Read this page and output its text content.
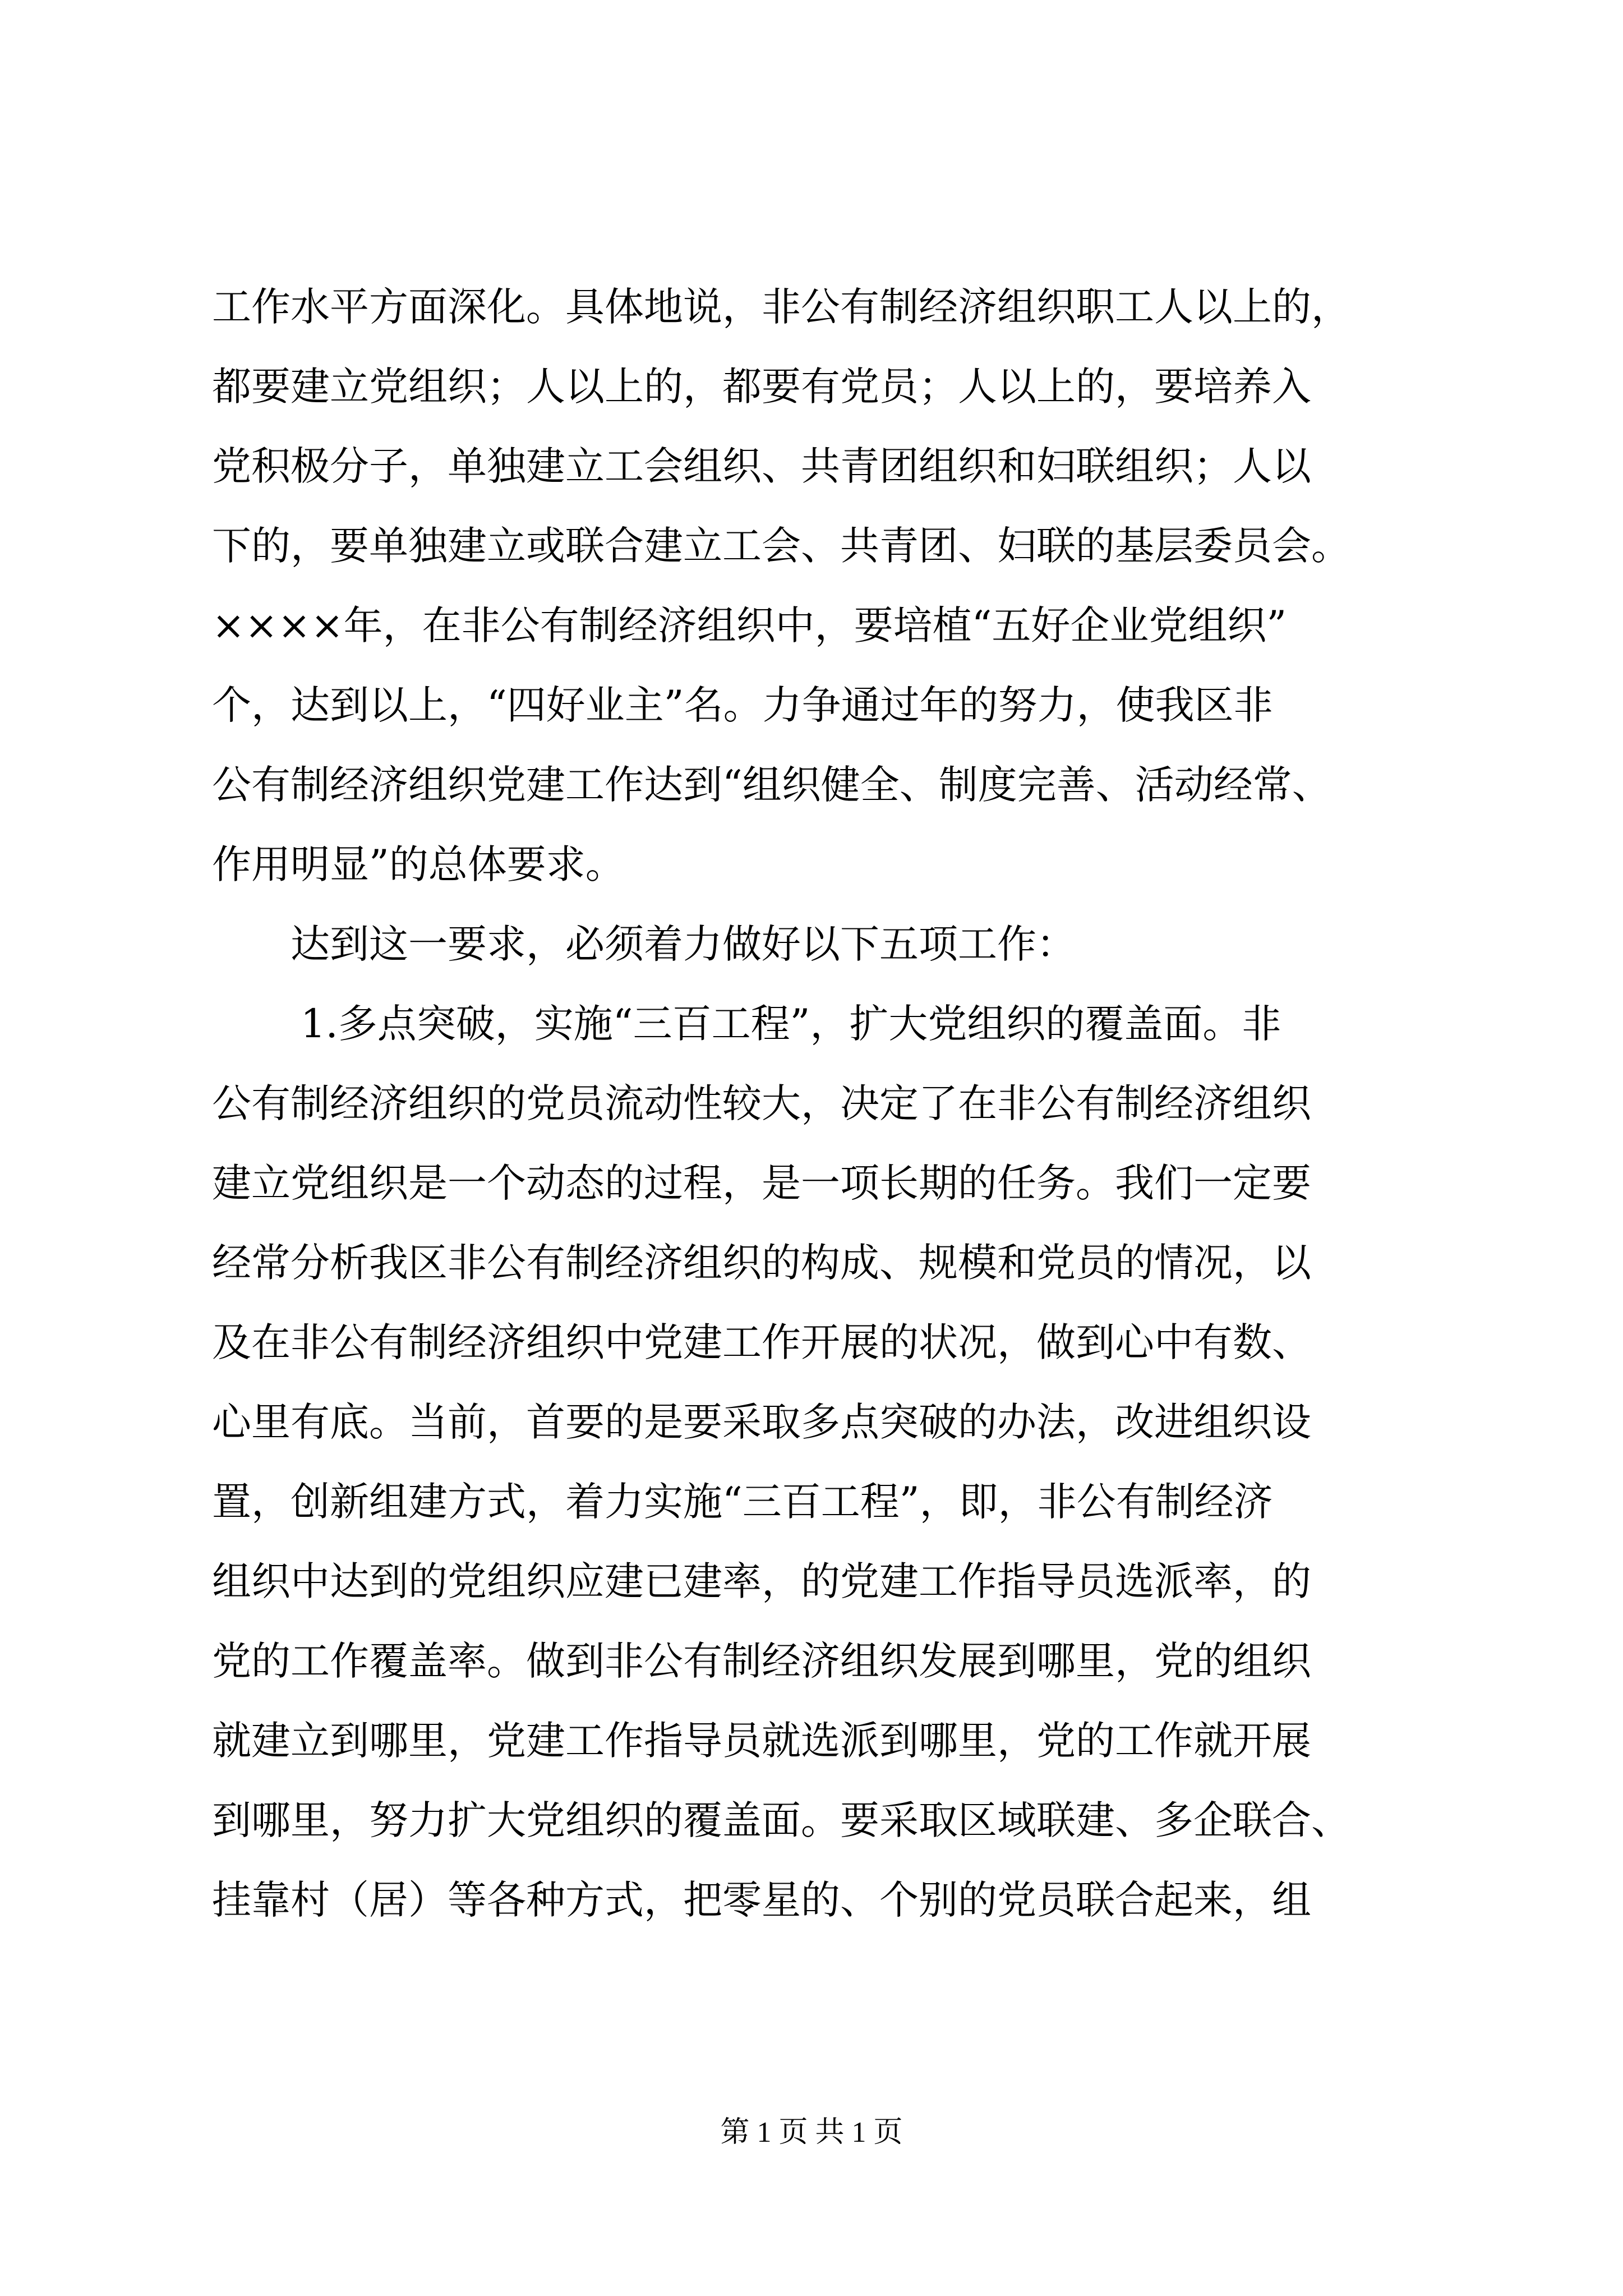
工作水平方面深化。具体地说，非公有制经济组织职工人以上的，
都要建立党组织；人以上的，都要有党员；人以上的，要培养入
党积极分子，单独建立工会组织、共青团组织和妇联组织；人以
下的，要单独建立或联合建立工会、共青团、妇联的基层委员会。
××××年，在非公有制经济组织中，要培植“五好企业党组织”
个，达到以上，“四好业主”名。力争通过年的努力，使我区非
公有制经济组织党建工作达到“组织健全、制度完善、活动经常、
作用明显”的总体要求。
达到这一要求，必须着力做好以下五项工作：
1.多点突破，实施“三百工程”，扩大党组织的覆盖面。非
公有制经济组织的党员流动性较大，决定了在非公有制经济组织
建立党组织是一个动态的过程，是一项长期的任务。我们一定要
经常分析我区非公有制经济组织的构成、规模和党员的情况，以
及在非公有制经济组织中党建工作开展的状况，做到心中有数、
心里有底。当前，首要的是要采取多点突破的办法，改进组织设
置，创新组建方式，着力实施“三百工程”，即，非公有制经济
组织中达到的党组织应建已建率，的党建工作指导员选派率，的
党的工作覆盖率。做到非公有制经济组织发展到哪里，党的组织
就建立到哪里，党建工作指导员就选派到哪里，党的工作就开展
到哪里，努力扩大党组织的覆盖面。要采取区域联建、多企联合、
挂靠村（居）等各种方式，把零星的、个别的党员联合起来，组
第 1 页 共 1 页
